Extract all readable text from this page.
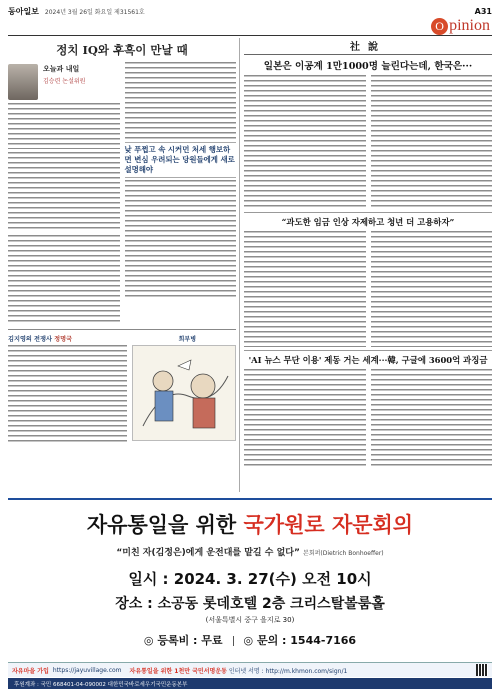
동아일보 2024년 3월 26일 화요일 제31561호	A31
O pinion
정치 IQ와 후흑이 만날 때
오늘과 내일
김승련 논설위원
낮 푸쩝고 속 시커먼 처세 행보하면 변심 우려되는 당원들에게 새로 설명해야
김지영의 전쟁사 정명국	희부병
社說
일본은 이공계 1만1000명 늘린다는데, 한국은···
“과도한 임금 인상 자제하고 청년 더 고용하자”
'AI 뉴스 무단 이용' 제동 거는 세계···韓, 구글에 3600억 과징금
자유통일을 위한 국가원로 자문회의
“미친 자(김정은)에게 운전대를 맡길 수 없다” 본회퍼(Dietrich Bonhoeffer)
일시 : 2024. 3. 27(수) 오전 10시
장소 : 소공동 롯데호텔 2층 크리스탈볼룸홀
(서울특별시 중구 을지로 30)
◎ 등록비 : 무료 ◎ 문의 : 1544-7166
자유마을 가입 https://jayuvillage.com 자유통일을 위한 1천만 국민서명운동 인터넷 서명 : http://m.khmon.com/sign/1
후원계좌 : 국민 668401-04-090002 대한민국바로세우기국민운동본부
